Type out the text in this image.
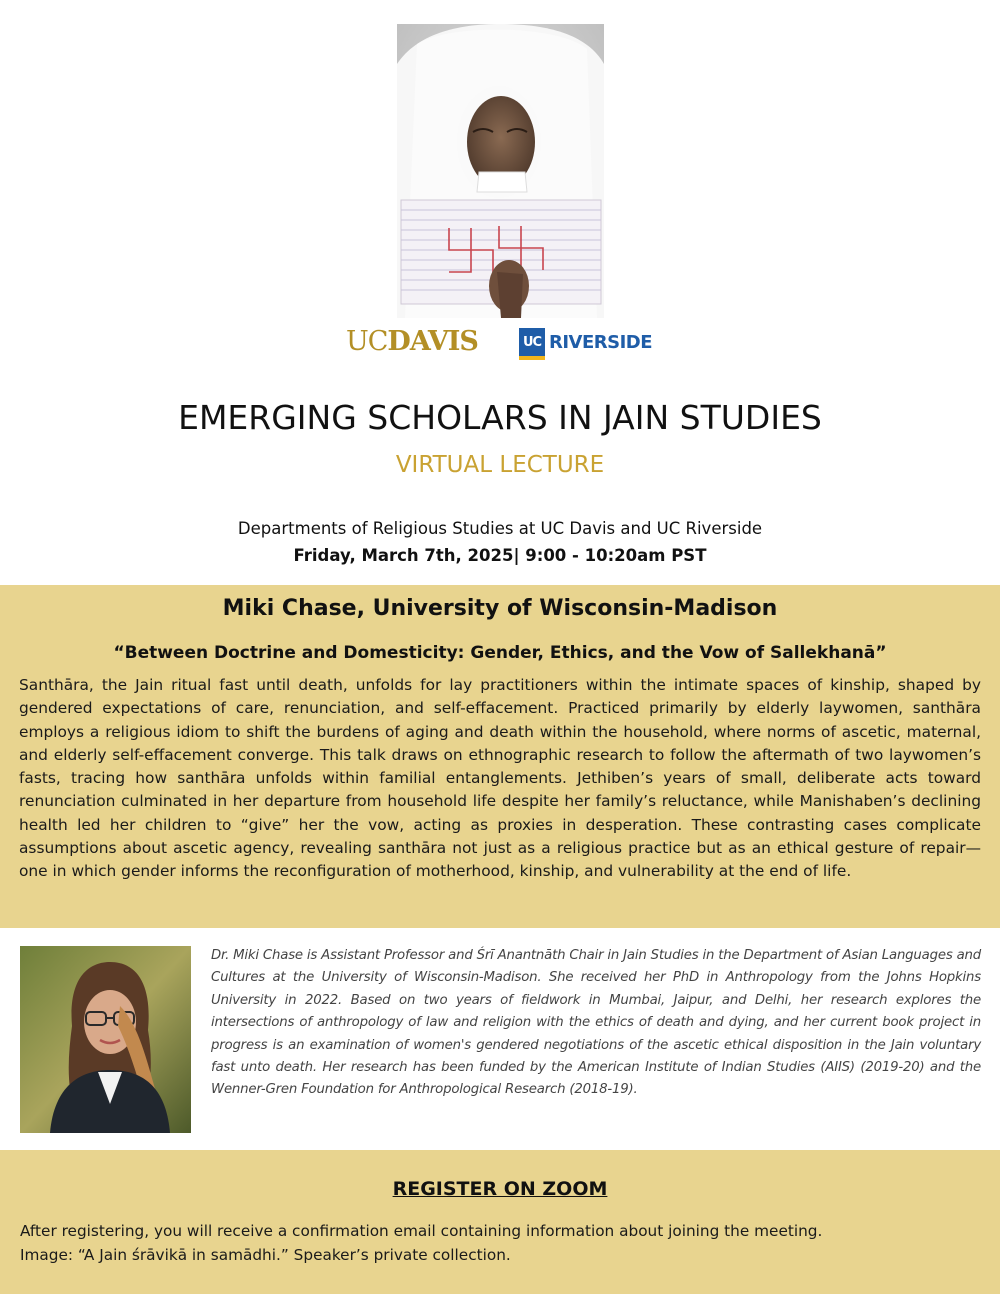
UCDAVIS	UC RIVERSIDE
EMERGING SCHOLARS IN JAIN STUDIES
VIRTUAL LECTURE
Departments of Religious Studies at UC Davis and UC Riverside
Friday, March 7th, 2025| 9:00 - 10:20am PST
Miki Chase, University of Wisconsin-Madison
“Between Doctrine and Domesticity: Gender, Ethics, and the Vow of Sallekhanā”

Santhāra, the Jain ritual fast until death, unfolds for lay practitioners within the intimate spaces of kinship, shaped by gendered expectations of care, renunciation, and self-effacement. Practiced primarily by elderly laywomen, santhāra employs a religious idiom to shift the burdens of aging and death within the household, where norms of ascetic, maternal, and elderly self-effacement converge. This talk draws on ethnographic research to follow the aftermath of two laywomen’s fasts, tracing how santhāra unfolds within familial entanglements. Jethiben’s years of small, deliberate acts toward renunciation culminated in her departure from household life despite her family’s reluctance, while Manishaben’s declining health led her children to “give” her the vow, acting as proxies in desperation. These contrasting cases complicate assumptions about ascetic agency, revealing santhāra not just as a religious practice but as an ethical gesture of repair—one in which gender informs the reconfiguration of motherhood, kinship, and vulnerability at the end of life.

Dr. Miki Chase is Assistant Professor and Śrī Anantnāth Chair in Jain Studies in the Department of Asian Languages and Cultures at the University of Wisconsin-Madison. She received her PhD in Anthropology from the Johns Hopkins University in 2022. Based on two years of fieldwork in Mumbai, Jaipur, and Delhi, her research explores the intersections of anthropology of law and religion with the ethics of death and dying, and her current book project in progress is an examination of women's gendered negotiations of the ascetic ethical disposition in the Jain voluntary fast unto death. Her research has been funded by the American Institute of Indian Studies (AIIS) (2019-20) and the Wenner-Gren Foundation for Anthropological Research (2018-19).

REGISTER ON ZOOM
After registering, you will receive a confirmation email containing information about joining the meeting.
Image: “A Jain śrāvikā in samādhi.” Speaker’s private collection.
